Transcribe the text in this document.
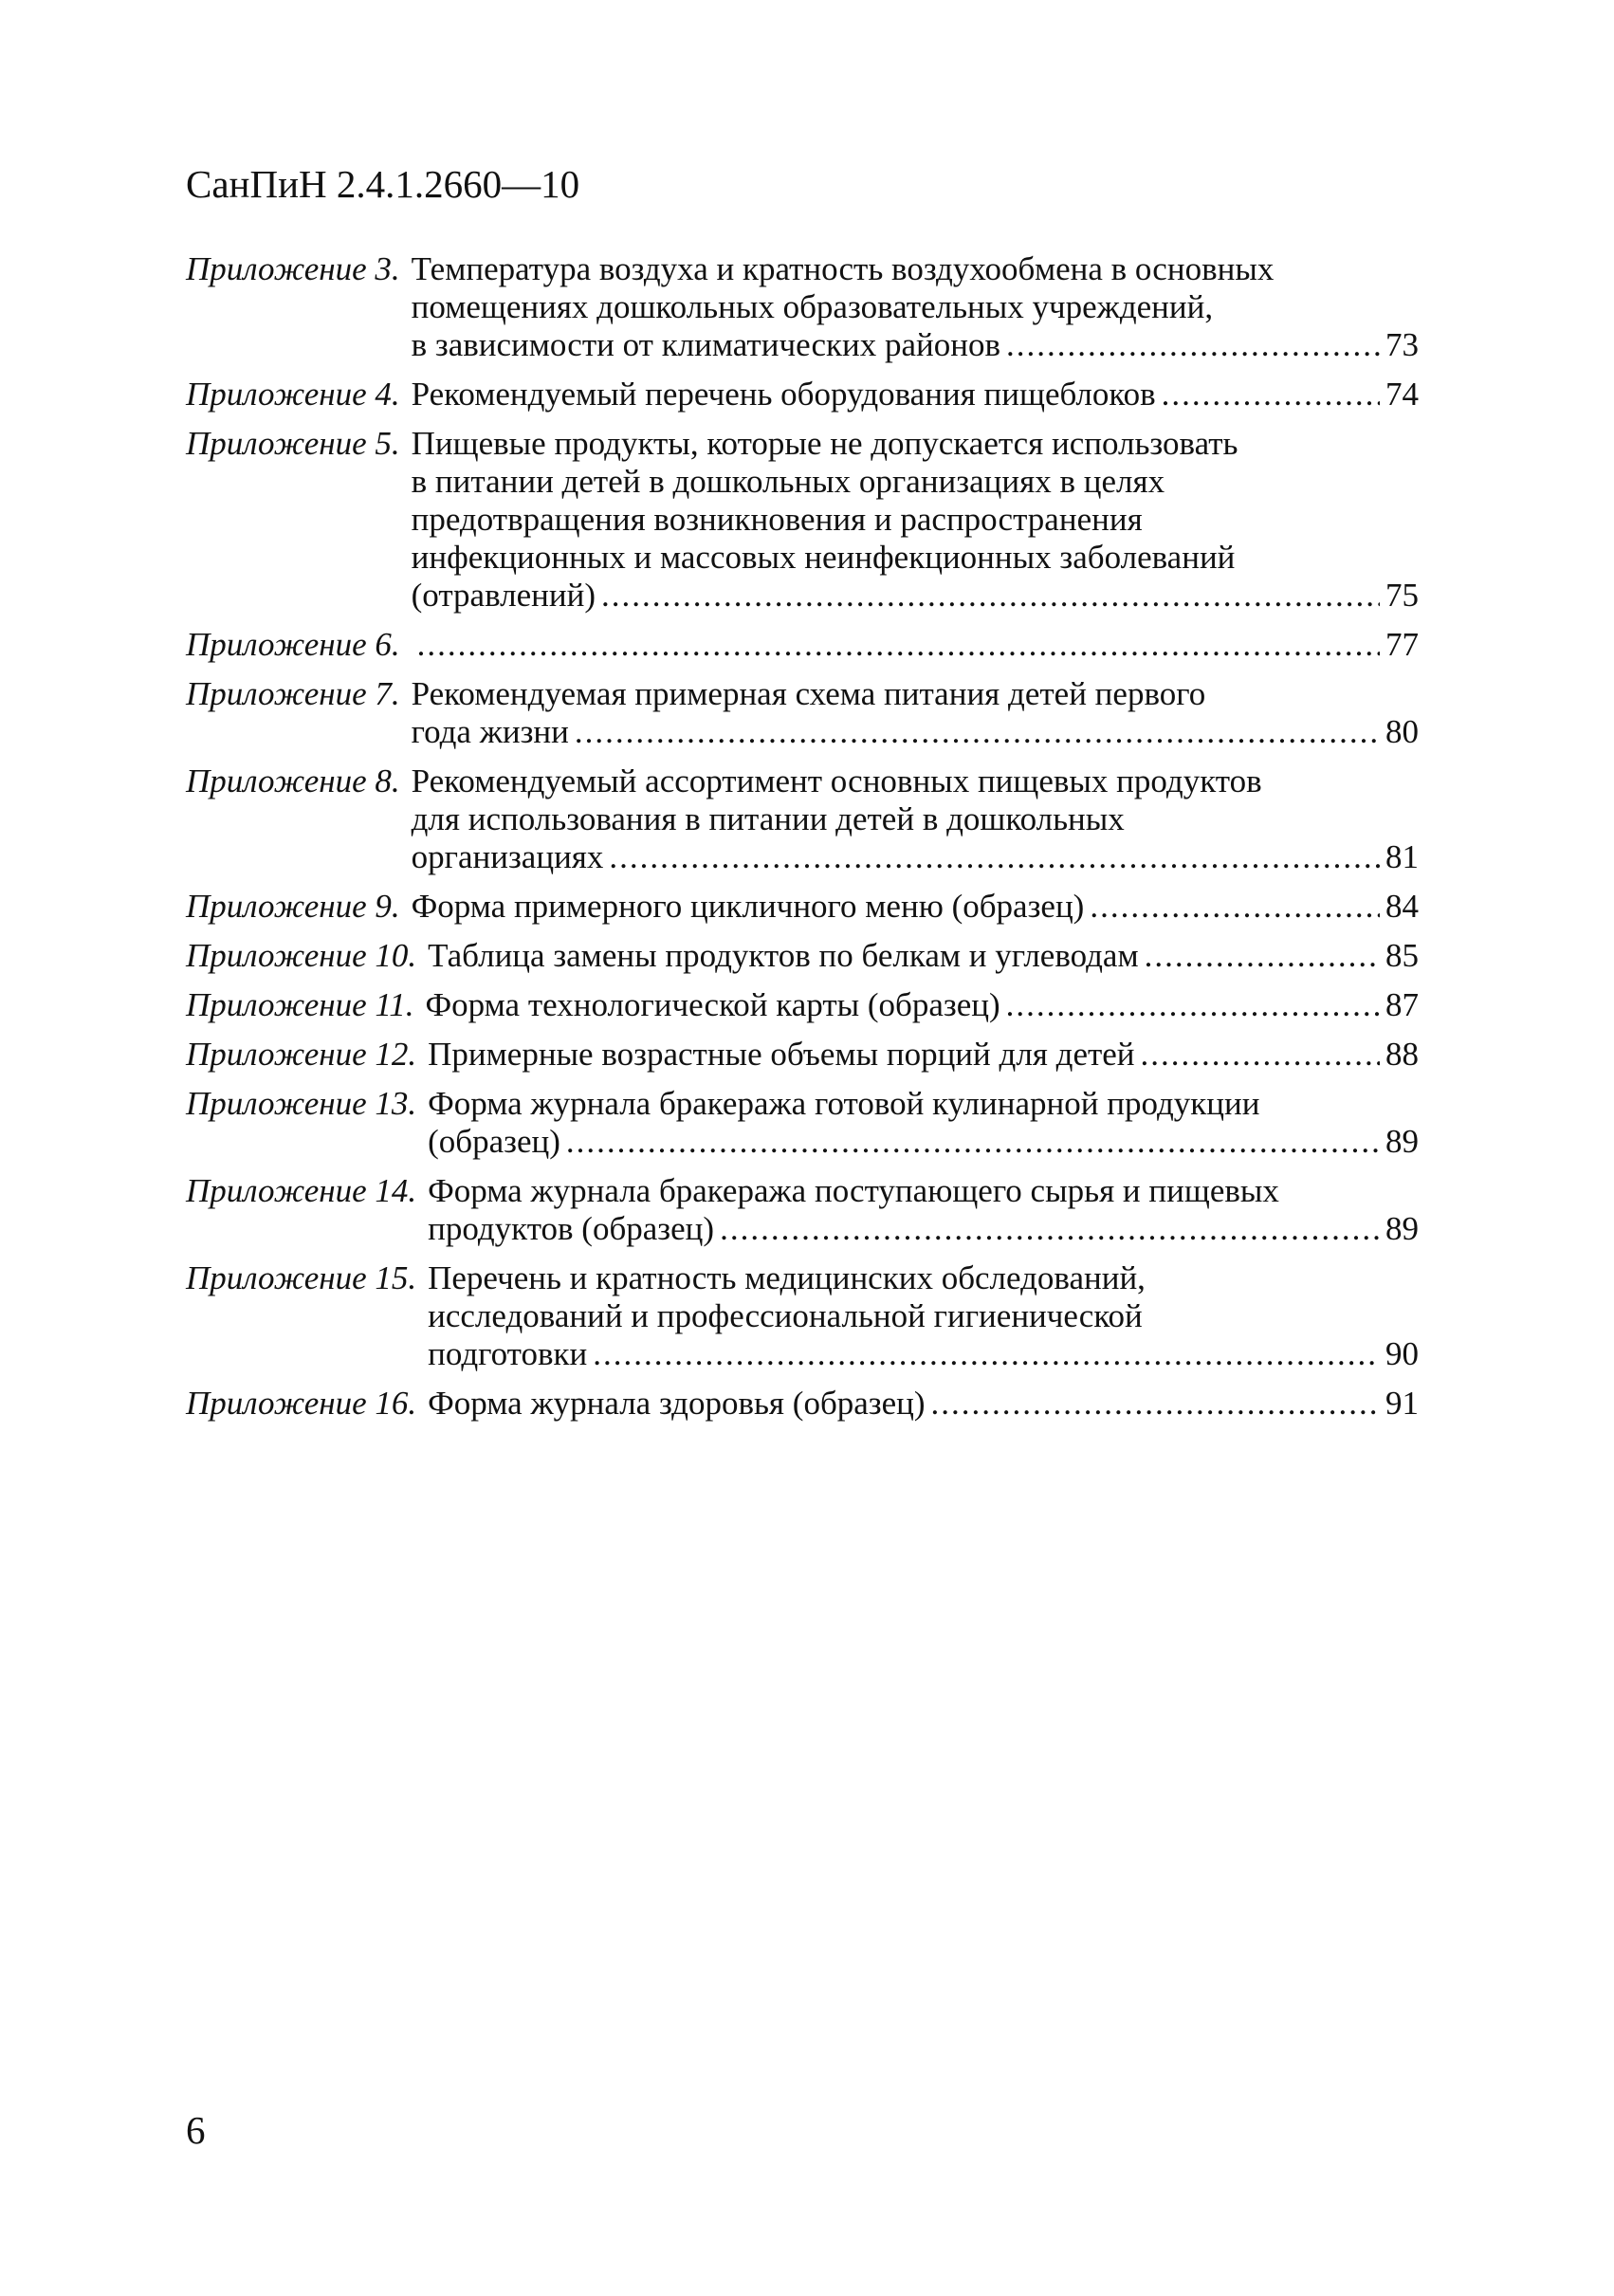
СанПиН 2.4.1.2660—10
Приложение 3. Температура воздуха и кратность воздухообмена в основных
помещениях дошкольных образовательных учреждений,
в зависимости от климатических районов .....	73
Приложение 4. Рекомендуемый перечень оборудования пищеблоков .....	74
Приложение 5. Пищевые продукты, которые не допускается использовать
в питании детей в дошкольных организациях в целях
предотвращения возникновения и распространения
инфекционных и массовых неинфекционных заболеваний
(отравлений) .....	75
Приложение 6. .....	77
Приложение 7. Рекомендуемая примерная схема питания детей первого
года жизни .....	80
Приложение 8. Рекомендуемый ассортимент основных пищевых продуктов
для использования в питании детей в дошкольных
организациях .....	81
Приложение 9. Форма примерного цикличного меню (образец) .....	84
Приложение 10. Таблица замены продуктов по белкам и углеводам .....	85
Приложение 11. Форма технологической карты (образец) .....	87
Приложение 12. Примерные возрастные объемы порций для детей .....	88
Приложение 13. Форма журнала бракеража готовой кулинарной продукции
(образец) .....	89
Приложение 14. Форма журнала бракеража поступающего сырья и пищевых
продуктов (образец) .....	89
Приложение 15. Перечень и кратность медицинских обследований,
исследований и профессиональной гигиенической
подготовки .....	90
Приложение 16. Форма журнала здоровья (образец) .....	91
6
